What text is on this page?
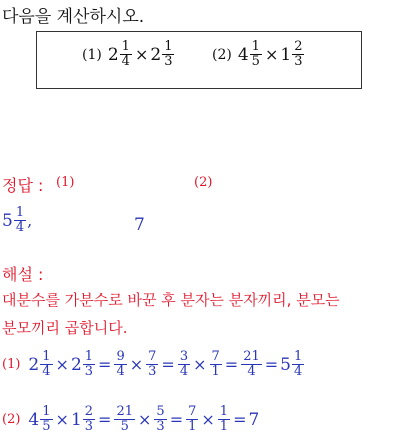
다음을 계산하시오.
(1) $2 \frac{1}{4} \times 2 \frac{1}{3}$	(2) $4 \frac{1}{5} \times 1 \frac{2}{3}$
정답 : (1)	(2)
$5 \frac{1}{4}$ ,	7
해설 :
대분수를 가분수로 바꾼 후 분자는 분자끼리, 분모는
분모끼리 곱합니다.
(1) $2 \frac{1}{4} \times 2 \frac{1}{3} = \frac{9}{4} \times \frac{7}{3} = \frac{3}{4} \times \frac{7}{1} = \frac{21}{4} = 5 \frac{1}{4}$
(2) $4 \frac{1}{5} \times 1 \frac{2}{3} = \frac{21}{5} \times \frac{5}{3} = \frac{7}{1} \times \frac{1}{1} = 7$
